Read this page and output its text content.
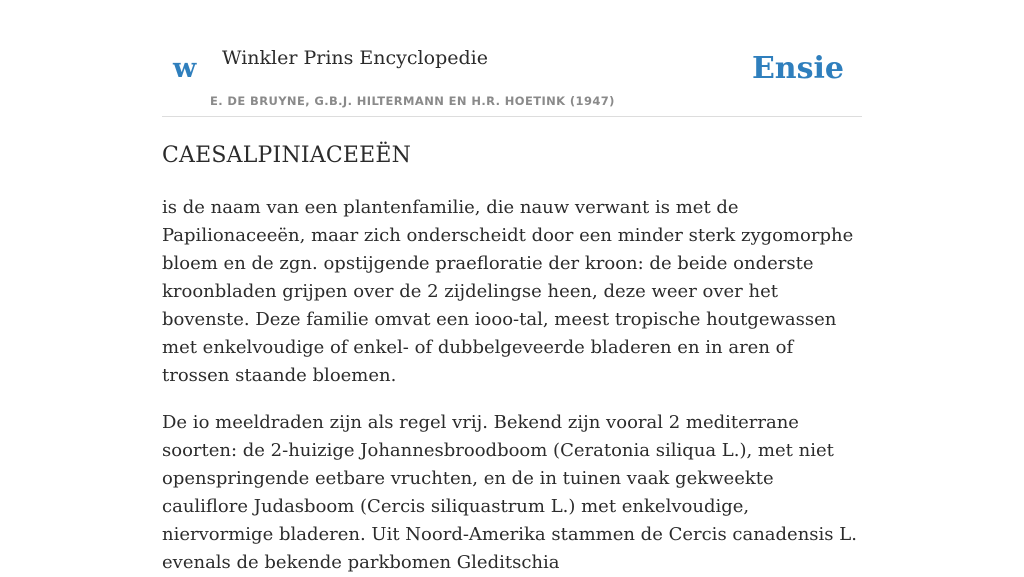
w Winkler Prins Encyclopedie
E. DE BRUYNE, G.B.J. HILTERMANN EN H.R. HOETINK (1947)
Ensie
CAESALPINIACEEËN

is de naam van een plantenfamilie, die nauw verwant is met de Papilionaceeën, maar zich onderscheidt door een minder sterk zygomorphe bloem en de zgn. opstijgende praefloratie der kroon: de beide onderste kroonbladen grijpen over de 2 zijdelingse heen, deze weer over het bovenste. Deze familie omvat een iooo-tal, meest tropische houtgewassen met enkelvoudige of enkel- of dubbelgeveerde bladeren en in aren of trossen staande bloemen.

De io meeldraden zijn als regel vrij. Bekend zijn vooral 2 mediterrane soorten: de 2-huizige Johannesbroodboom (Ceratonia siliqua L.), met niet openspringende eetbare vruchten, en de in tuinen vaak gekweekte cauliflore Judasboom (Cercis siliquastrum L.) met enkelvoudige, niervormige bladeren. Uit Noord-Amerika stammen de Cercis canadensis L. evenals de bekende parkbomen Gleditschia
